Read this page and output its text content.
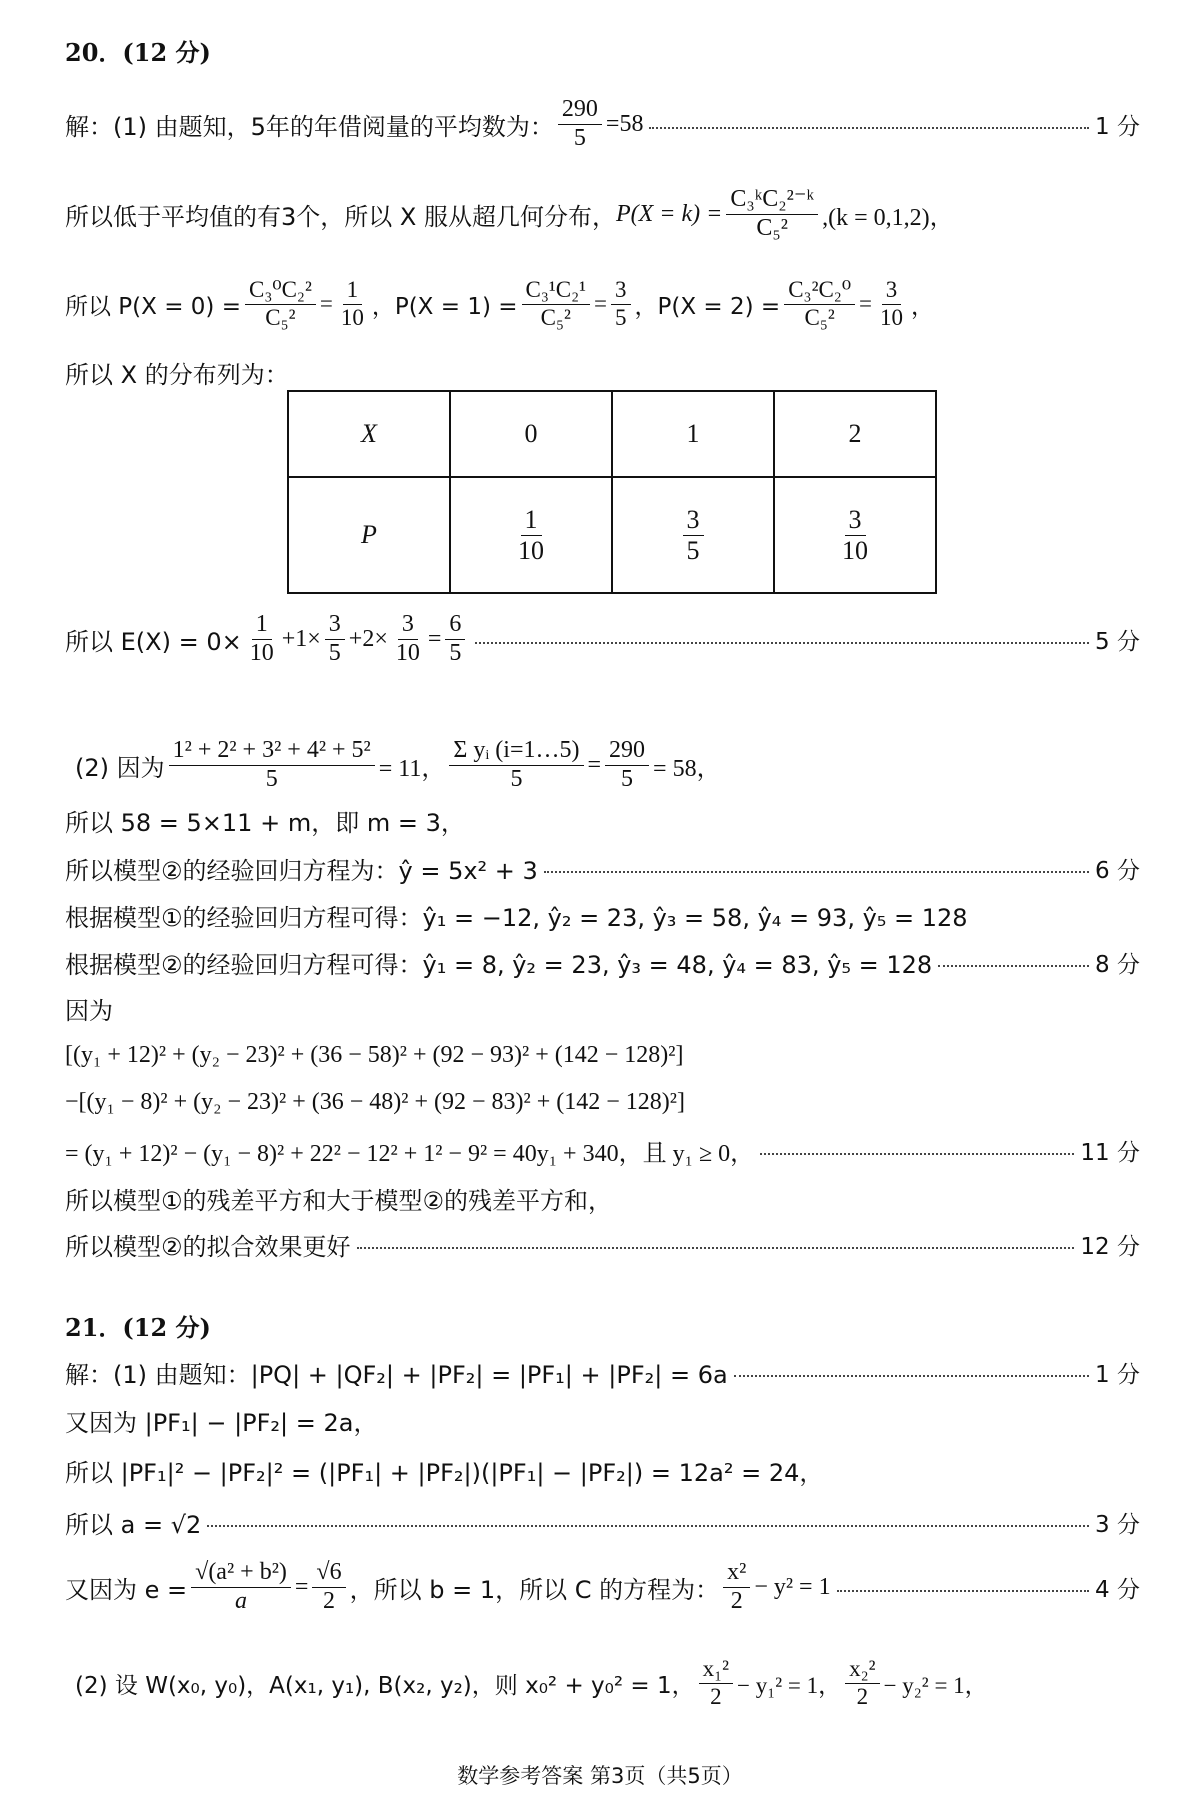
20．(12 分)
解：(1) 由题知，5年的年借阅量的平均数为： $\frac{290}{5} =58$	1 分
所以低于平均值的有3个，所以 X 服从超几何分布， $P(X = k) = \frac{\text{C₃ᵏC₂²⁻ᵏ}}{\text{C₅²}} ,(k = 0,1,2)$，
所以 $P(X = 0) = \frac{\text{C₃⁰C₂²}}{\text{C₅²}} = \frac{1}{10}$ ，$P(X = 1) = \frac{\text{C₃¹C₂¹}}{\text{C₅²}} = \frac{3}{5}$ ，$P(X = 2) = \frac{\text{C₃²C₂⁰}}{\text{C₅²}} = \frac{3}{10}$ ，
所以 X 的分布列为：
X	0	1	2
P	$\frac{1}{10}$	$\frac{3}{5}$	$\frac{3}{10}$
所以 $E(X) = 0\times \frac{1}{10} +1\times \frac{3}{5} +2\times \frac{3}{10} = \frac{6}{5}$	5 分
(2) 因为 $\frac{\text{1² + 2² + 3² + 4² + 5²}}{5} = 11$， $\frac{\text{Σ yᵢ (i=1…5)}}{5} = \frac{290}{5} = 58$，
所以 58 = 5×11 + m，即 m = 3，
所以模型②的经验回归方程为：ŷ = 5x² + 3	6 分
根据模型①的经验回归方程可得：ŷ₁ = −12, ŷ₂ = 23, ŷ₃ = 58, ŷ₄ = 93, ŷ₅ = 128
根据模型②的经验回归方程可得：ŷ₁ = 8, ŷ₂ = 23, ŷ₃ = 48, ŷ₄ = 83, ŷ₅ = 128	8 分
因为
[(y₁ + 12)² + (y₂ − 23)² + (36 − 58)² + (92 − 93)² + (142 − 128)²]
−[(y₁ − 8)² + (y₂ − 23)² + (36 − 48)² + (92 − 83)² + (142 − 128)²]
= (y₁ + 12)² − (y₁ − 8)² + 22² − 12² + 1² − 9² = 40y₁ + 340，且 y₁ ≥ 0，	11 分
所以模型①的残差平方和大于模型②的残差平方和，
所以模型②的拟合效果更好	12 分
21．(12 分)
解：(1) 由题知：|PQ| + |QF₂| + |PF₂| = |PF₁| + |PF₂| = 6a	1 分
又因为 |PF₁| − |PF₂| = 2a，
所以 |PF₁|² − |PF₂|² = (|PF₁| + |PF₂|)(|PF₁| − |PF₂|) = 12a² = 24，
所以 a = √2	3 分
又因为 $e = \frac{\text{√(a² + b²)}}{a} = \frac{√6}{2}$ ，所以 b = 1，所以 C 的方程为： $\frac{\text{x²}}{2} - y^2 = 1$	4 分
(2) 设 W(x₀, y₀)，A(x₁, y₁), B(x₂, y₂)，则 x₀² + y₀² = 1， $\frac{\text{x₁²}}{2} - y_1^2 = 1$， $\frac{\text{x₂²}}{2} - y_2^2 = 1$，
数学参考答案 第3页（共5页）
